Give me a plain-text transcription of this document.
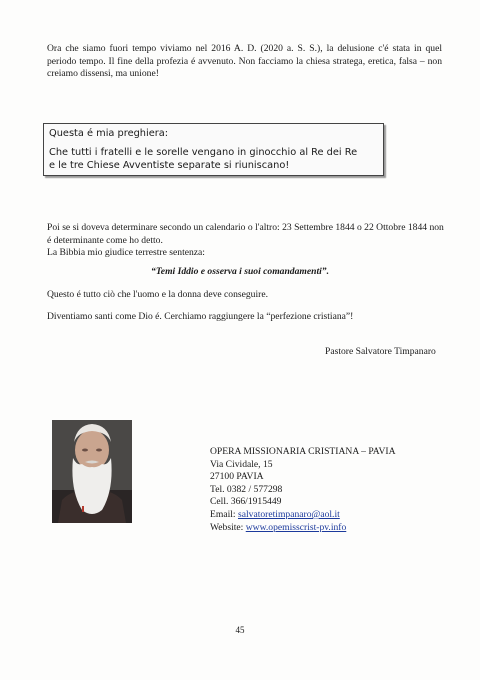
Ora che siamo fuori tempo viviamo nel 2016 A. D. (2020 a. S. S.), la delusione c'é stata in quel periodo tempo. Il fine della profezia é avvenuto. Non facciamo la chiesa stratega, eretica, falsa – non creiamo dissensi, ma unione!

Questa é mia preghiera:
Che tutti i fratelli e le sorelle vengano in ginocchio al Re dei Re
e le tre Chiese Avventiste separate si riuniscano!
Poi se si doveva determinare secondo un calendario o l'altro: 23 Settembre 1844 o 22 Ottobre 1844 non é determinante come ho detto.
La Bibbia mio giudice terrestre sentenza:

“Temi Iddio e osserva i suoi comandamenti”.

Questo é tutto ciò che l'uomo e la donna deve conseguire.

Diventiamo santi come Dio é. Cerchiamo raggiungere la “perfezione cristiana”!

Pastore Salvatore Timpanaro

OPERA MISSIONARIA CRISTIANA – PAVIA
Via Cividale, 15
27100 PAVIA
Tel. 0382 / 577298
Cell. 366/1915449
Email: salvatoretimpanaro@aol.it
Website: www.opemisscrist-pv.info
45
